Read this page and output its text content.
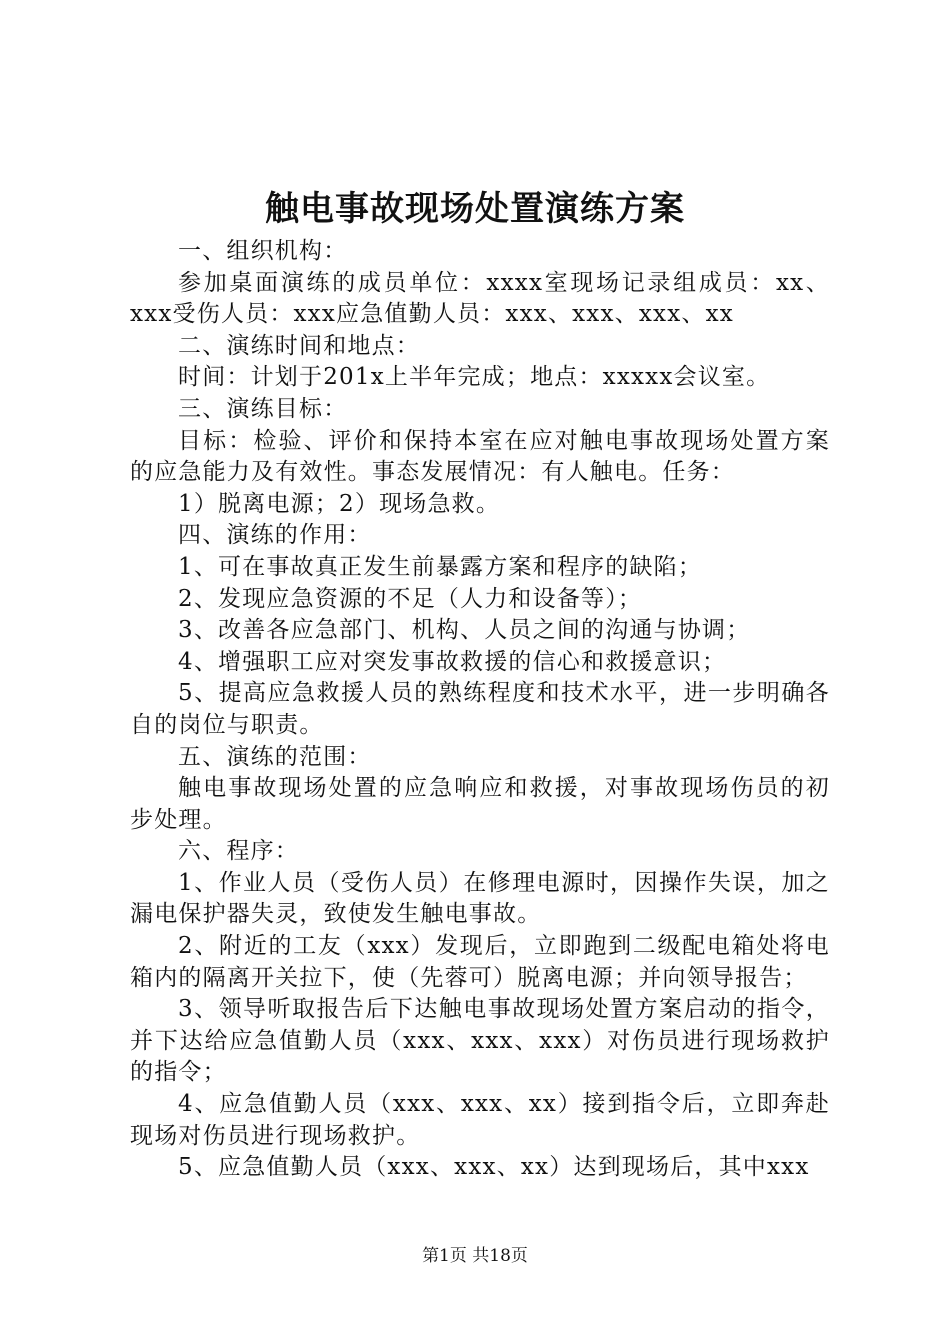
触电事故现场处置演练方案

一、组织机构：

参加桌面演练的成员单位：xxxx室现场记录组成员：xx、xxx受伤人员：xxx应急值勤人员：xxx、xxx、xxx、xx

二、演练时间和地点：

时间：计划于201x上半年完成；地点：xxxxx会议室。

三、演练目标：

目标：检验、评价和保持本室在应对触电事故现场处置方案的应急能力及有效性。事态发展情况：有人触电。任务：

1）脱离电源；2）现场急救。

四、演练的作用：

1、可在事故真正发生前暴露方案和程序的缺陷；

2、发现应急资源的不足（人力和设备等）；

3、改善各应急部门、机构、人员之间的沟通与协调；

4、增强职工应对突发事故救援的信心和救援意识；

5、提高应急救援人员的熟练程度和技术水平，进一步明确各自的岗位与职责。

五、演练的范围：

触电事故现场处置的应急响应和救援，对事故现场伤员的初步处理。

六、程序：

1、作业人员（受伤人员）在修理电源时，因操作失误，加之漏电保护器失灵，致使发生触电事故。

2、附近的工友（xxx）发现后，立即跑到二级配电箱处将电箱内的隔离开关拉下，使（先蓉可）脱离电源；并向领导报告；

3、领导听取报告后下达触电事故现场处置方案启动的指令，并下达给应急值勤人员（xxx、xxx、xxx）对伤员进行现场救护的指令；

4、应急值勤人员（xxx、xxx、xx）接到指令后，立即奔赴现场对伤员进行现场救护。

5、应急值勤人员（xxx、xxx、xx）达到现场后，其中xxx

第1页 共18页
